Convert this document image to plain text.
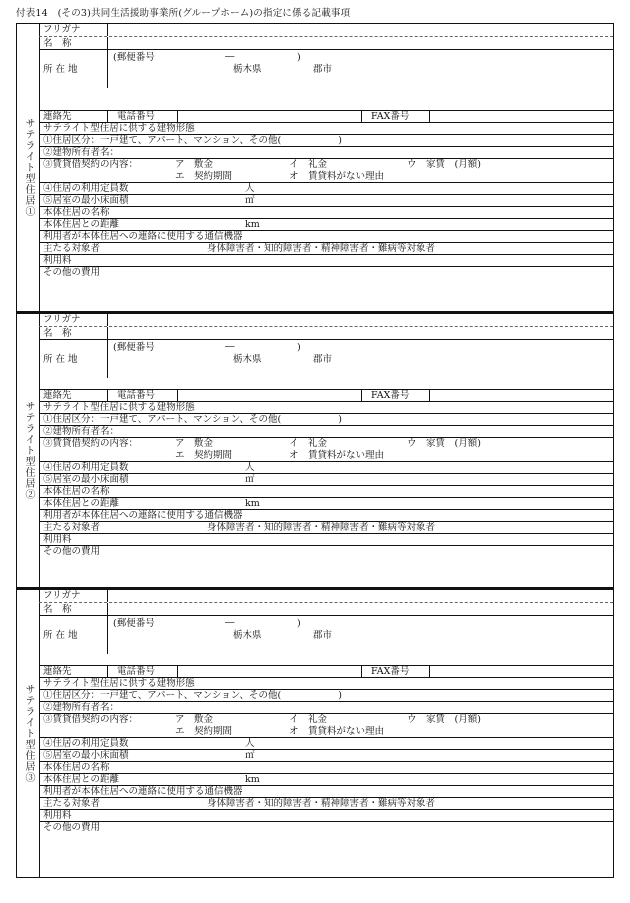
付表14　(その3)共同生活援助事業所(グループホーム)の指定に係る記載事項
サテライト型住居①
フリガナ
名　称
所 在 地
(郵便番号	―	)
栃木県	郡市
連絡先	電話番号	FAX番号
サテライト型住居に供する建物形態
①住居区分：一戸建て、アパート、マンション、その他(　　　　　　)
②建物所有者名：
③賃貸借契約の内容：	ア　敷金	イ　礼金	ウ　家賃　(月額)
エ　契約期間	オ　賃貸料がない理由
④住居の利用定員数	人
⑤居室の最小床面積	㎡
本体住居の名称
本体住居との距離	km
利用者が本体住居への連絡に使用する通信機器
主たる対象者	身体障害者・知的障害者・精神障害者・難病等対象者
利用料
その他の費用
サテライト型住居②
フリガナ
名　称
所 在 地
(郵便番号	―	)
栃木県	郡市
連絡先	電話番号	FAX番号
サテライト型住居に供する建物形態
①住居区分：一戸建て、アパート、マンション、その他(　　　　　　)
②建物所有者名：
③賃貸借契約の内容：	ア　敷金	イ　礼金	ウ　家賃　(月額)
エ　契約期間	オ　賃貸料がない理由
④住居の利用定員数	人
⑤居室の最小床面積	㎡
本体住居の名称
本体住居との距離	km
利用者が本体住居への連絡に使用する通信機器
主たる対象者	身体障害者・知的障害者・精神障害者・難病等対象者
利用料
その他の費用
サテライト型住居③
フリガナ
名　称
所 在 地
(郵便番号	―	)
栃木県	郡市
連絡先	電話番号	FAX番号
サテライト型住居に供する建物形態
①住居区分：一戸建て、アパート、マンション、その他(　　　　　　)
②建物所有者名：
③賃貸借契約の内容：	ア　敷金	イ　礼金	ウ　家賃　(月額)
エ　契約期間	オ　賃貸料がない理由
④住居の利用定員数	人
⑤居室の最小床面積	㎡
本体住居の名称
本体住居との距離	km
利用者が本体住居への連絡に使用する通信機器
主たる対象者	身体障害者・知的障害者・精神障害者・難病等対象者
利用料
その他の費用
